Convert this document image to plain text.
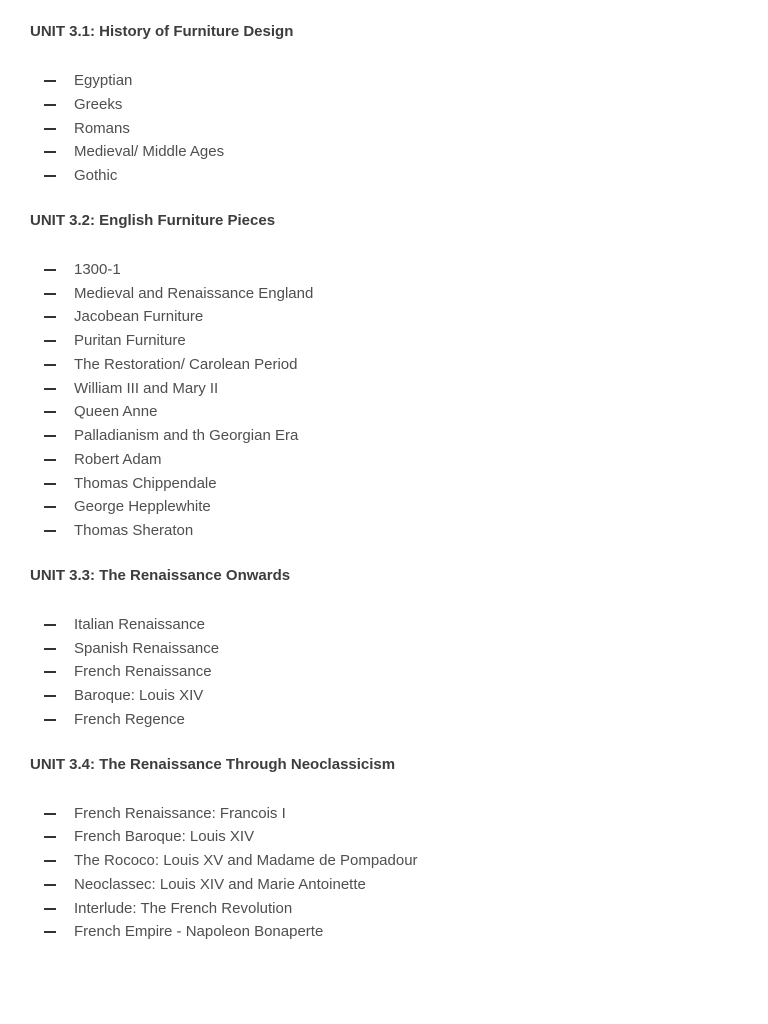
UNIT 3.1: History of Furniture Design
Egyptian
Greeks
Romans
Medieval/ Middle Ages
Gothic
UNIT 3.2: English Furniture Pieces
1300-1
Medieval and Renaissance England
Jacobean Furniture
Puritan Furniture
The Restoration/ Carolean Period
William III and Mary II
Queen Anne
Palladianism and th Georgian Era
Robert Adam
Thomas Chippendale
George Hepplewhite
Thomas Sheraton
UNIT 3.3: The Renaissance Onwards
Italian Renaissance
Spanish Renaissance
French Renaissance
Baroque: Louis XIV
French Regence
UNIT 3.4: The Renaissance Through Neoclassicism
French Renaissance: Francois I
French Baroque: Louis XIV
The Rococo: Louis XV and Madame de Pompadour
Neoclassec: Louis XIV and Marie Antoinette
Interlude: The French Revolution
French Empire - Napoleon Bonaperte
